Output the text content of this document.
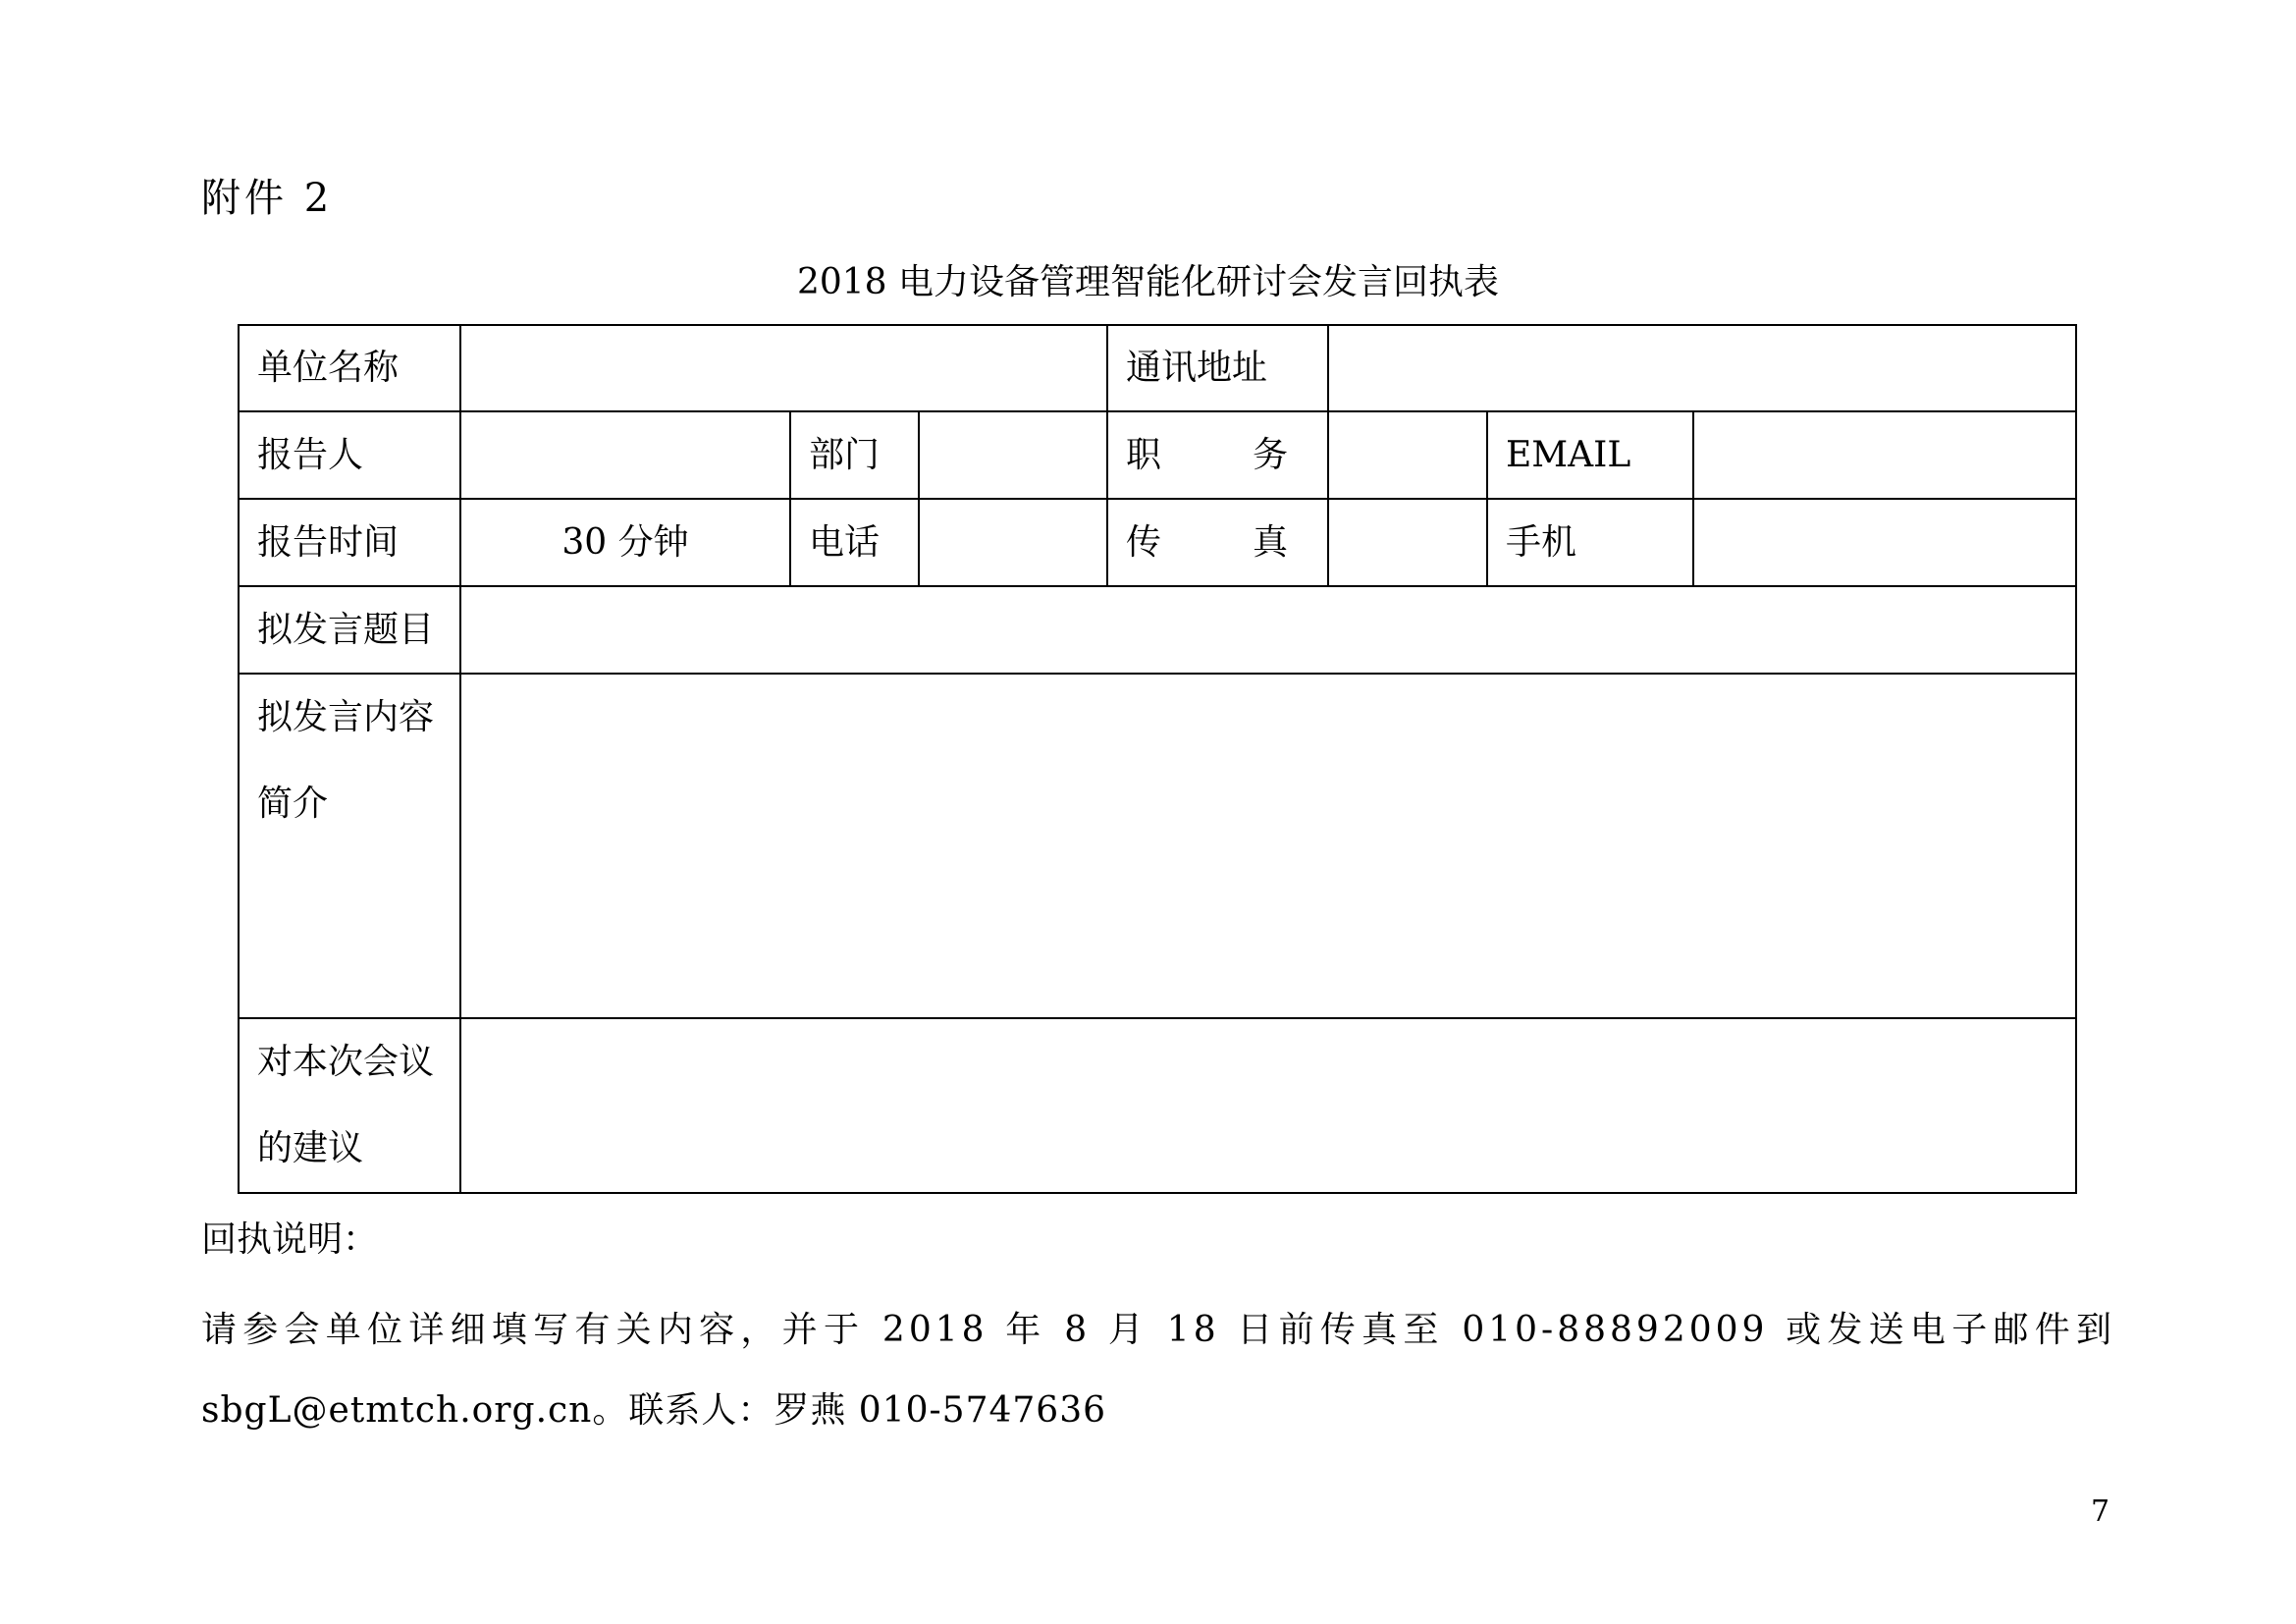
附件 2
2018 电力设备管理智能化研讨会发言回执表
单位名称				通讯地址			
报告人		部门		职 务		EMAIL	
报告时间	30 分钟	电话		传 真		手机	
拟发言题目							
拟发言内容简介							
对本次会议的建议							
回执说明：
请参会单位详细填写有关内容，并于 2018 年 8 月 18 日前传真至 010-88892009 或发送电子邮件到
sbgL@etmtch.org.cn。联系人：罗燕 010-5747636
7
